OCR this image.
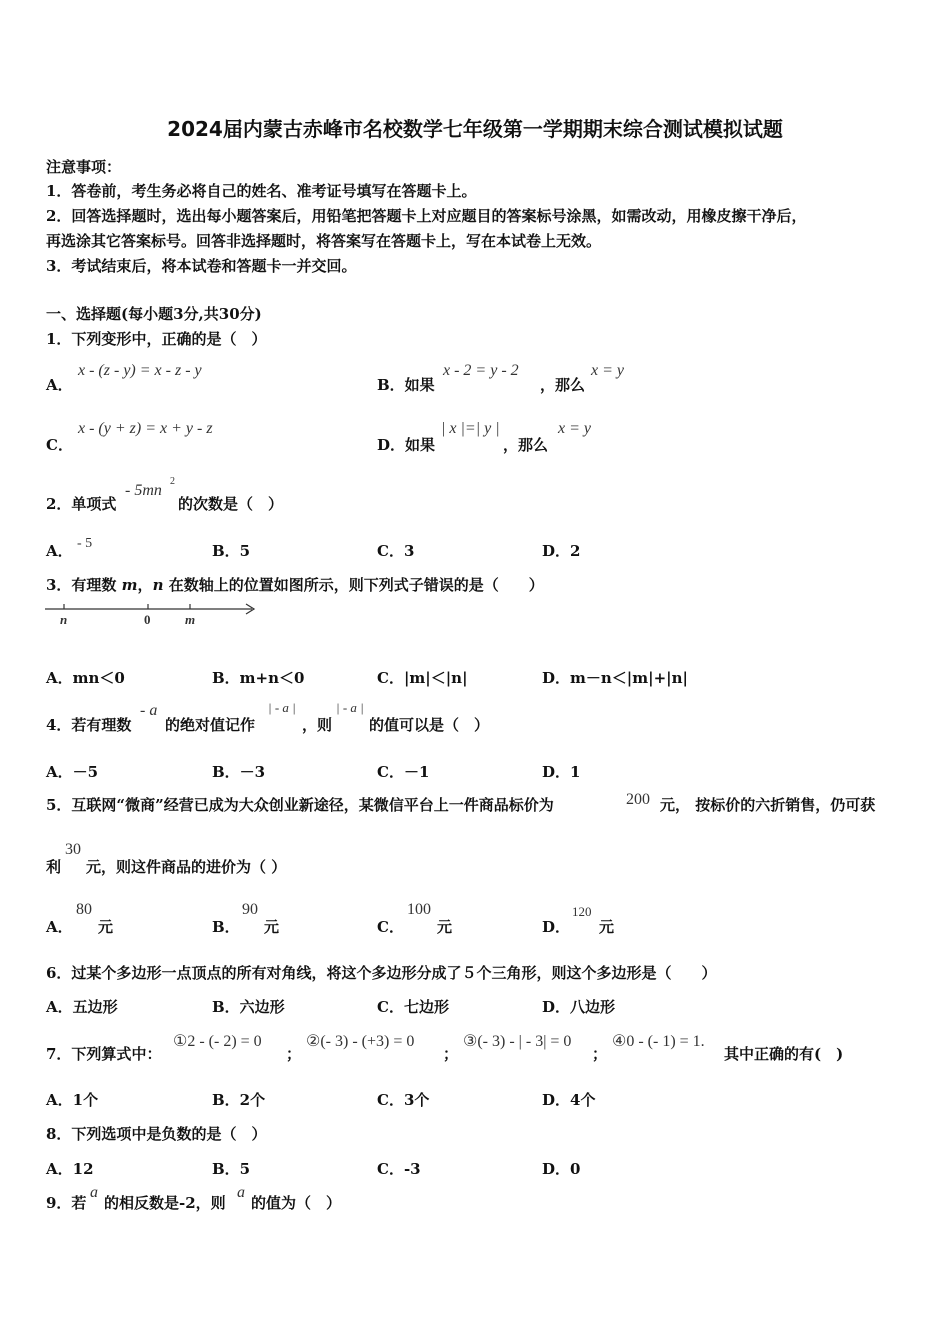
2024届内蒙古赤峰市名校数学七年级第一学期期末综合测试模拟试题
注意事项：
1．答卷前，考生务必将自己的姓名、准考证号填写在答题卡上。
2．回答选择题时，选出每小题答案后，用铅笔把答题卡上对应题目的答案标号涂黑，如需改动，用橡皮擦干净后，
再选涂其它答案标号。回答非选择题时，将答案写在答题卡上，写在本试卷上无效。
3．考试结束后，将本试卷和答题卡一并交回。
一、选择题(每小题3分,共30分)
1．下列变形中，正确的是（　）
A．
x - (z - y) = x - z - y
B．如果
x - 2 = y - 2
，那么
x = y
C．
x - (y + z) = x + y - z
D．如果
| x |=| y |
，那么
x = y
2．单项式
- 5mn
2
的次数是（　）
A． - 5	B．5	C．3	D．2
3．有理数 m，n 在数轴上的位置如图所示，则下列式子错误的是（　　）
n	0	m
A．mn＜0	B．m+n＜0	C．|m|＜|n|	D．m－n＜|m|+|n|
4．若有理数
- a
的绝对值记作
| - a |
，则
| - a |
的值可以是（　）
A．－5	B．－3	C．－1	D．1
5．互联网“微商”经营已成为大众创业新途径，某微信平台上一件商品标价为	200 元， 按标价的六折销售，仍可获
利
30
元，则这件商品的进价为（ ）
A．
80
元	B．
90
元	C．
100
元	D．
120
元
6．过某个多边形一点顶点的所有对角线，将这个多边形分成了５个三角形，则这个多边形是（　　）
A．五边形	B．六边形	C．七边形	D．八边形
7．下列算式中：
①2 - (- 2) = 0
；
②(- 3) - (+3) = 0
；
③(- 3) - | - 3| = 0
；
④0 - (- 1) = 1.
其中正确的有(　)
A．1个	B．2个	C．3个	D．4个
8．下列选项中是负数的是（　）
A．12	B．5	C．-3	D．0
9．若
a
的相反数是-2，则
a
的值为（　）
